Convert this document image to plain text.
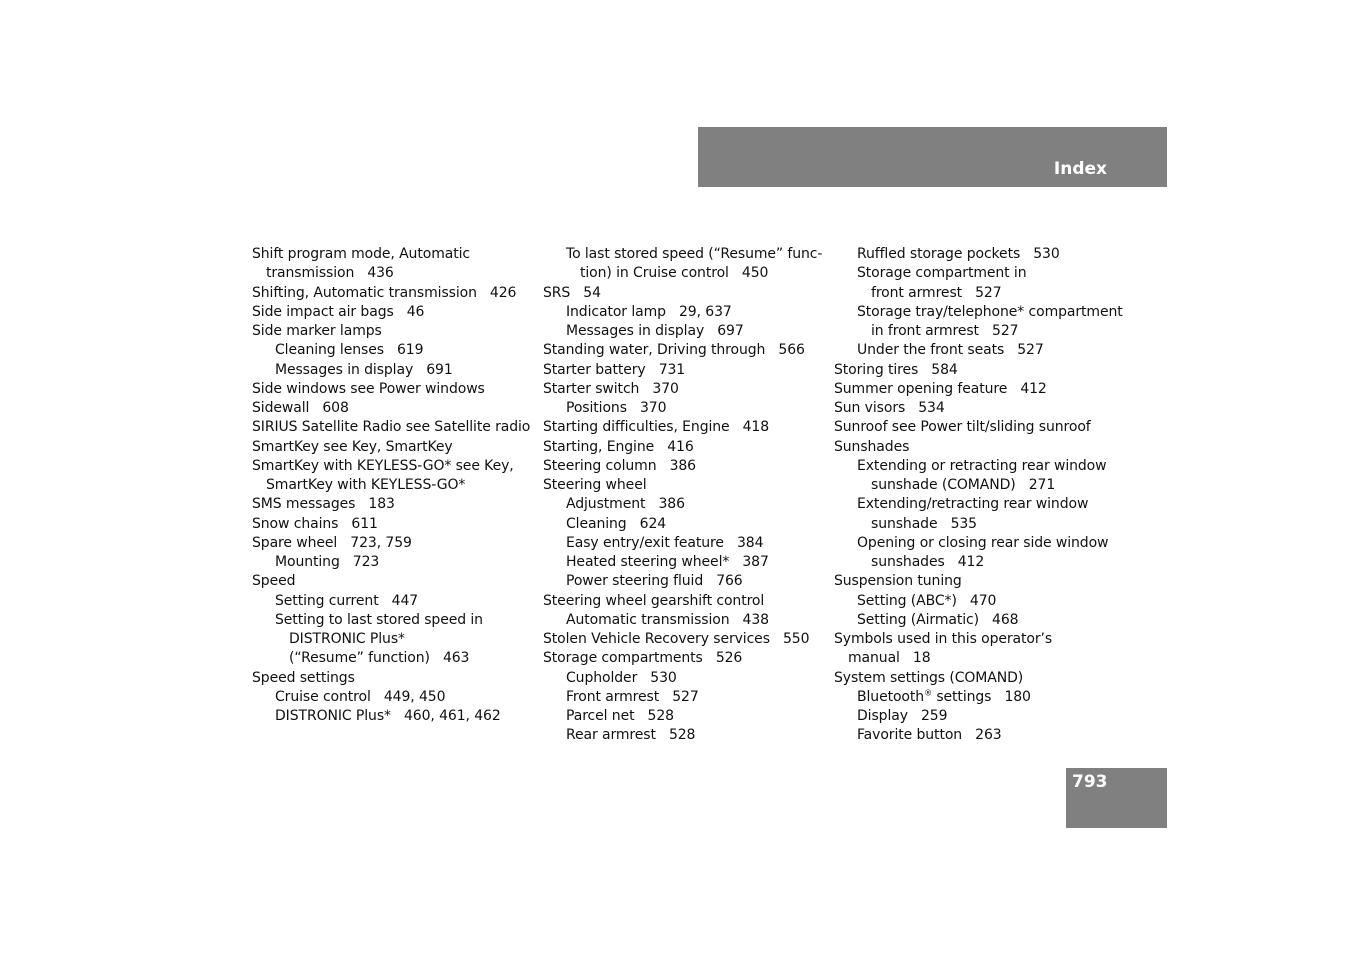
Index
Shift program mode, Automatic
transmission 436
Shifting, Automatic transmission 426
Side impact air bags 46
Side marker lamps
Cleaning lenses 619
Messages in display 691
Side windows see Power windows
Sidewall 608
SIRIUS Satellite Radio see Satellite radio
SmartKey see Key, SmartKey
SmartKey with KEYLESS-GO* see Key,
SmartKey with KEYLESS-GO*
SMS messages 183
Snow chains 611
Spare wheel 723, 759
Mounting 723
Speed
Setting current 447
Setting to last stored speed in
DISTRONIC Plus*
(“Resume” function) 463
Speed settings
Cruise control 449, 450
DISTRONIC Plus* 460, 461, 462
To last stored speed (“Resume” func-
tion) in Cruise control 450
SRS 54
Indicator lamp 29, 637
Messages in display 697
Standing water, Driving through 566
Starter battery 731
Starter switch 370
Positions 370
Starting difficulties, Engine 418
Starting, Engine 416
Steering column 386
Steering wheel
Adjustment 386
Cleaning 624
Easy entry/exit feature 384
Heated steering wheel* 387
Power steering fluid 766
Steering wheel gearshift control
Automatic transmission 438
Stolen Vehicle Recovery services 550
Storage compartments 526
Cupholder 530
Front armrest 527
Parcel net 528
Rear armrest 528
Ruffled storage pockets 530
Storage compartment in
front armrest 527
Storage tray/telephone* compartment
in front armrest 527
Under the front seats 527
Storing tires 584
Summer opening feature 412
Sun visors 534
Sunroof see Power tilt/sliding sunroof
Sunshades
Extending or retracting rear window
sunshade (COMAND) 271
Extending/retracting rear window
sunshade 535
Opening or closing rear side window
sunshades 412
Suspension tuning
Setting (ABC*) 470
Setting (Airmatic) 468
Symbols used in this operator’s
manual 18
System settings (COMAND)
Bluetooth® settings 180
Display 259
Favorite button 263
793
